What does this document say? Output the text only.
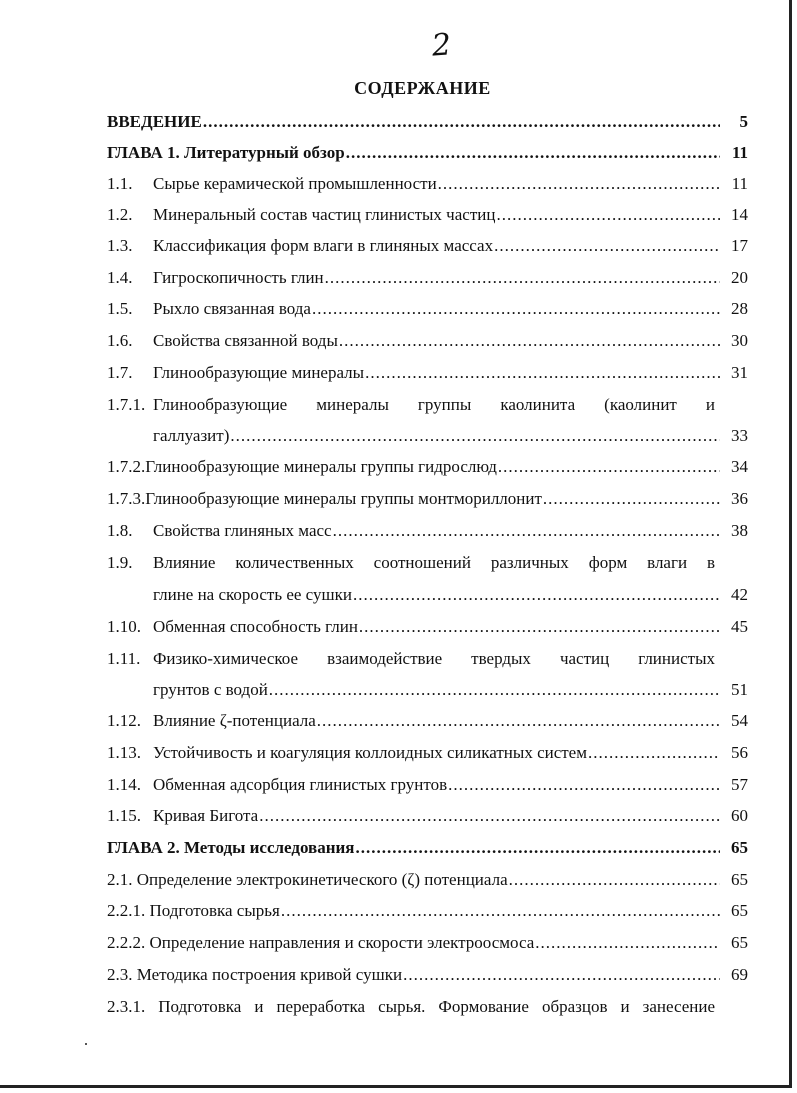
2
СОДЕРЖАНИЕ
ВВЕДЕНИЕ .....	5
ГЛАВА 1. Литературный обзор .....	11
1.1.	Сырье керамической промышленности .....	11
1.2.	Минеральный состав частиц глинистых частиц .....	14
1.3.	Классификация форм влаги в глиняных массах .....	17
1.4.	Гигроскопичность глин .....	20
1.5.	Рыхло связанная вода .....	28
1.6.	Свойства связанной воды .....	30
1.7.	Глинообразующие минералы .....	31
1.7.1. Глинообразующие минералы группы каолинита (каолинит и
галлуазит) .....	33
1.7.2. Глинообразующие минералы группы гидрослюд .....	34
1.7.3. Глинообразующие минералы группы монтмориллонит .....	36
1.8.	Свойства глиняных масс .....	38
1.9. Влияние количественных соотношений различных форм влаги в
глине на скорость ее сушки .....	42
1.10. Обменная способность глин .....	45
1.11. Физико-химическое взаимодействие твердых частиц глинистых
грунтов с водой .....	51
1.12. Влияние ζ-потенциала .....	54
1.13. Устойчивость и коагуляция коллоидных силикатных систем .....	56
1.14. Обменная адсорбция глинистых грунтов .....	57
1.15. Кривая Бигота .....	60
ГЛАВА 2. Методы исследования .....	65
2.1. Определение электрокинетического (ζ) потенциала .....	65
2.2.1. Подготовка сырья .....	65
2.2.2. Определение направления и скорости электроосмоса .....	65
2.3. Методика построения кривой сушки .....	69
2.3.1. Подготовка и переработка сырья. Формование образцов и занесение
